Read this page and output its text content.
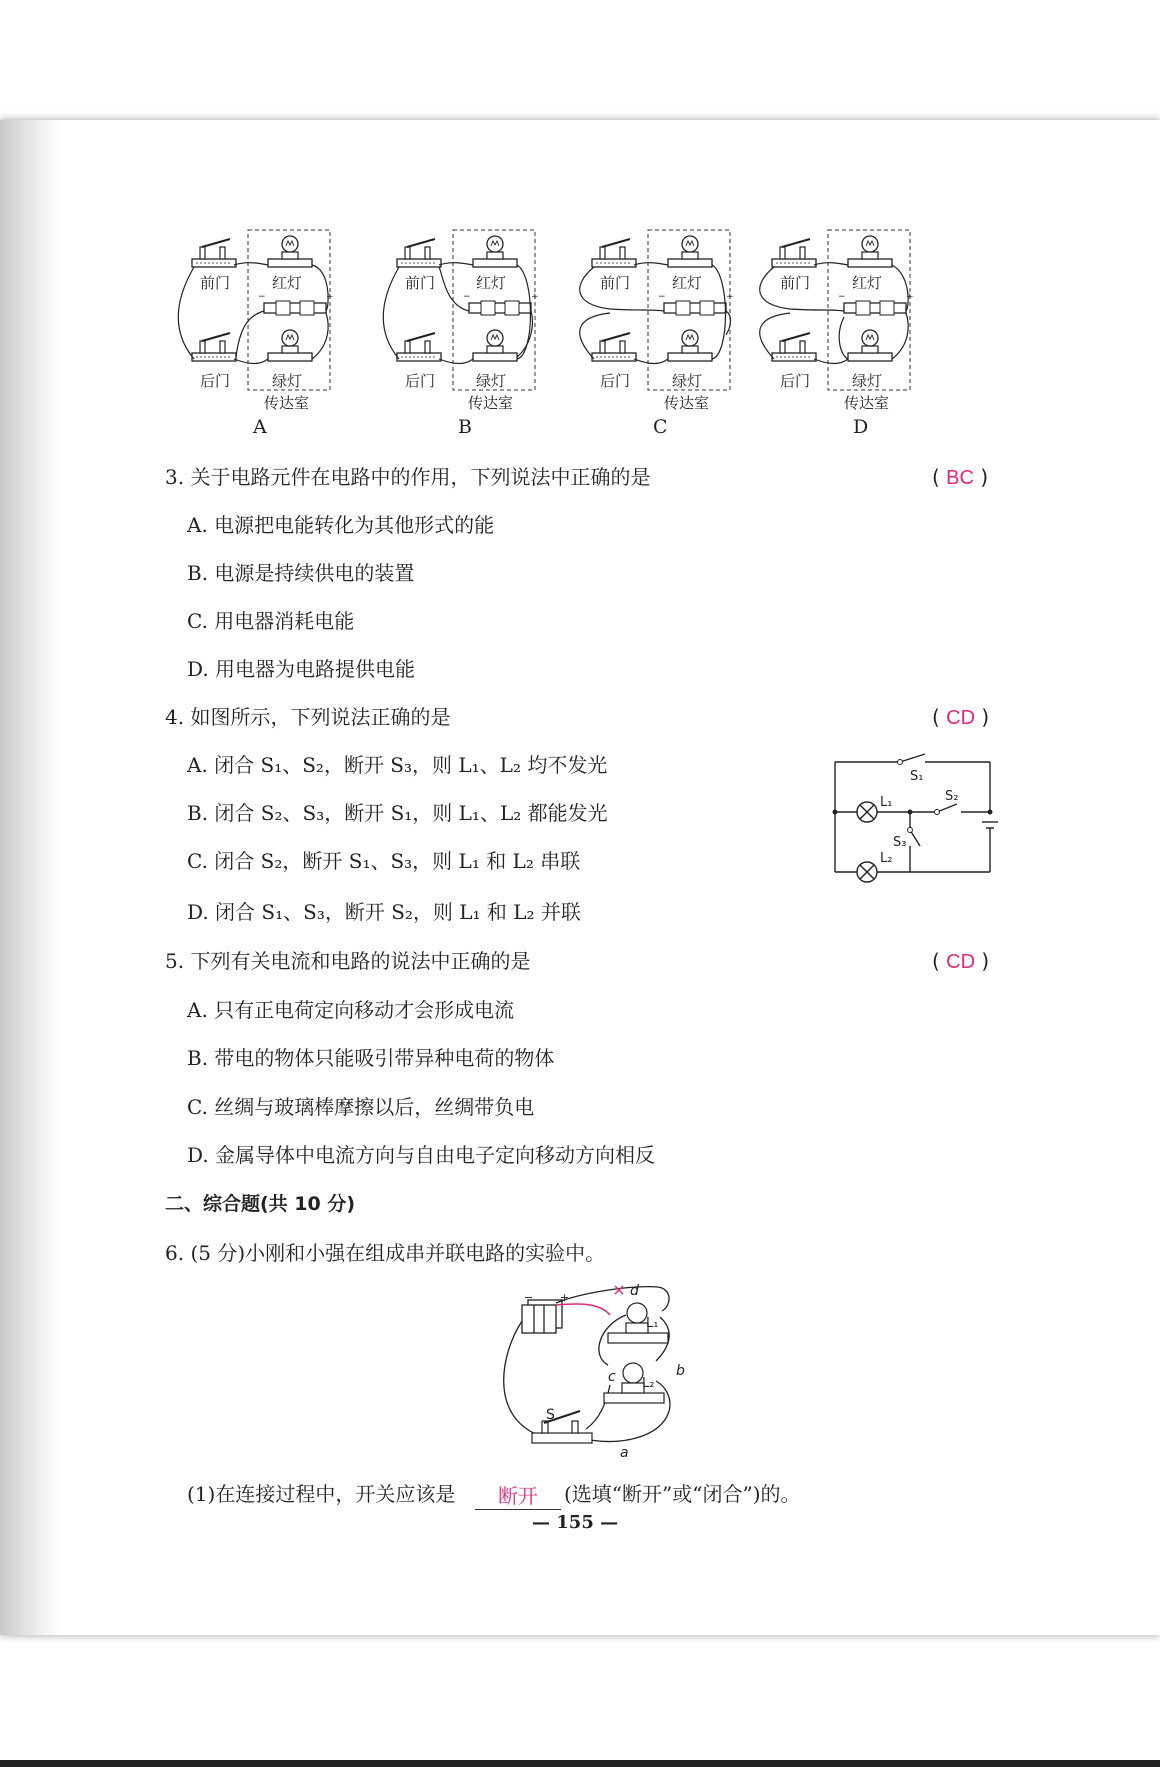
前门	红灯
后门	绿灯
传达室
前门	红灯
后门	绿灯
传达室
前门	红灯
后门	绿灯
传达室
前门	红灯
后门	绿灯
传达室
A	B	C	D
3. 关于电路元件在电路中的作用，下列说法中正确的是	( BC )
A. 电源把电能转化为其他形式的能
B. 电源是持续供电的装置
C. 用电器消耗电能
D. 用电器为电路提供电能
4. 如图所示，下列说法正确的是	( CD )
A. 闭合 S₁、S₂，断开 S₃，则 L₁、L₂ 均不发光
B. 闭合 S₂、S₃，断开 S₁，则 L₁、L₂ 都能发光
C. 闭合 S₂，断开 S₁、S₃，则 L₁ 和 L₂ 串联
D. 闭合 S₁、S₃，断开 S₂，则 L₁ 和 L₂ 并联
S₁
S₂
S₃
L₁
L₂
5. 下列有关电流和电路的说法中正确的是	( CD )
A. 只有正电荷定向移动才会形成电流
B. 带电的物体只能吸引带异种电荷的物体
C. 丝绸与玻璃棒摩擦以后，丝绸带负电
D. 金属导体中电流方向与自由电子定向移动方向相反
二、综合题(共 10 分)
6. (5 分)小刚和小强在组成串并联电路的实验中。
d
b
c
a
S
L₁
L₂
− +
(1)在连接过程中，开关应该是	断开	(选填“断开”或“闭合”)的。
— 155 —
